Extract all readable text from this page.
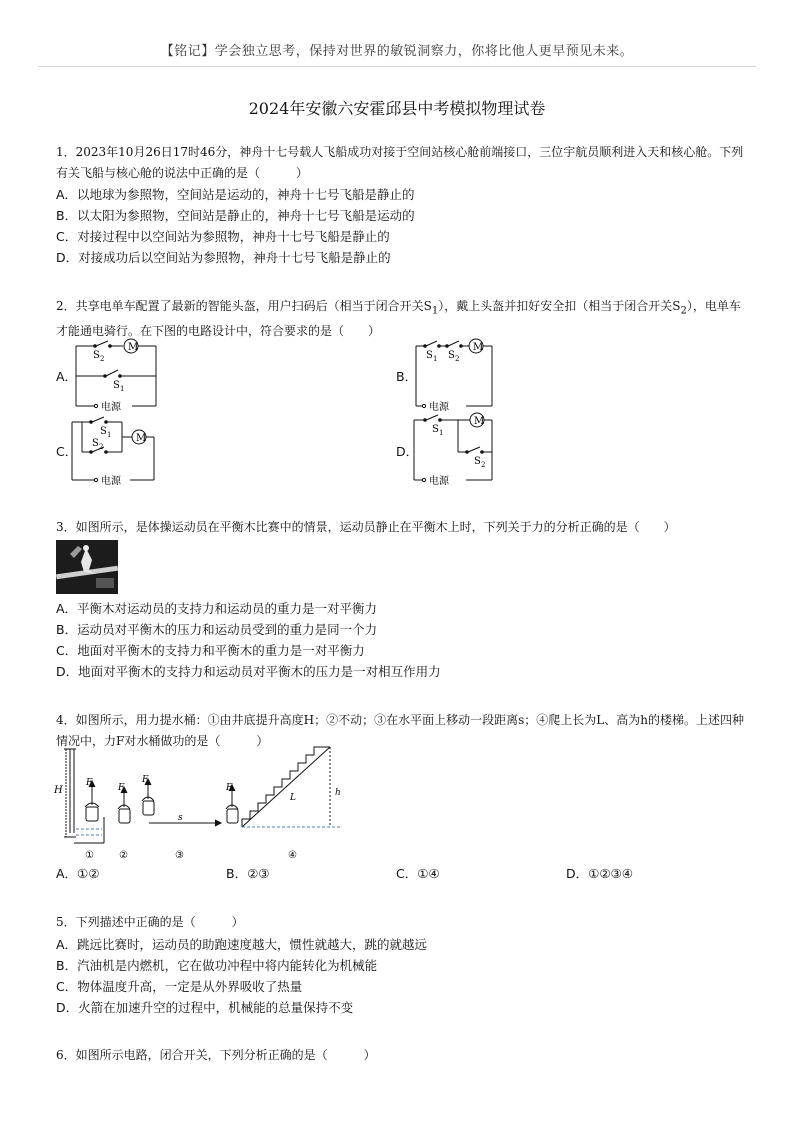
【铭记】学会独立思考，保持对世界的敏锐洞察力，你将比他人更早预见未来。
2024年安徽六安霍邱县中考模拟物理试卷
1．2023年10月26日17时46分，神舟十七号载人飞船成功对接于空间站核心舱前端接口，三位宇航员顺利进入天和核心舱。下列有关飞船与核心舱的说法中正确的是（　　　）
A．以地球为参照物，空间站是运动的，神舟十七号飞船是静止的
B．以太阳为参照物，空间站是静止的，神舟十七号飞船是运动的
C．对接过程中以空间站为参照物，神舟十七号飞船是静止的
D．对接成功后以空间站为参照物，神舟十七号飞船是静止的
2．共享电单车配置了最新的智能头盔，用户扫码后（相当于闭合开关$S_1$），戴上头盔并扣好安全扣（相当于闭合开关$S_2$），电单车才能通电骑行。在下图的电路设计中，符合要求的是（　　）
A．	B．
C．	D．
M
S 2
S 1
电源
M
S 1 S 2
电源
M
S 1
S 2
电源
M
S 1
S 2
电源
3．如图所示，是体操运动员在平衡木比赛中的情景，运动员静止在平衡木上时，下列关于力的分析正确的是（　　）
A．平衡木对运动员的支持力和运动员的重力是一对平衡力
B．运动员对平衡木的压力和运动员受到的重力是同一个力
C．地面对平衡木的支持力和平衡木的重力是一对平衡力
D．地面对平衡木的支持力和运动员对平衡木的压力是一对相互作用力
4．如图所示，用力提水桶：①由井底提升高度H；②不动；③在水平面上移动一段距离s；④爬上长为L、高为h的楼梯。上述四种情况中，力F对水桶做功的是（　　　）
H
F	F
F
F
s
L	h
①	②	③	④
A．①②	B．②③	C．①④	D．①②③④
5．下列描述中正确的是（　　　）
A．跳远比赛时，运动员的助跑速度越大，惯性就越大，跳的就越远
B．汽油机是内燃机，它在做功冲程中将内能转化为机械能
C．物体温度升高，一定是从外界吸收了热量
D．火箭在加速升空的过程中，机械能的总量保持不变
6．如图所示电路，闭合开关，下列分析正确的是（　　　）
